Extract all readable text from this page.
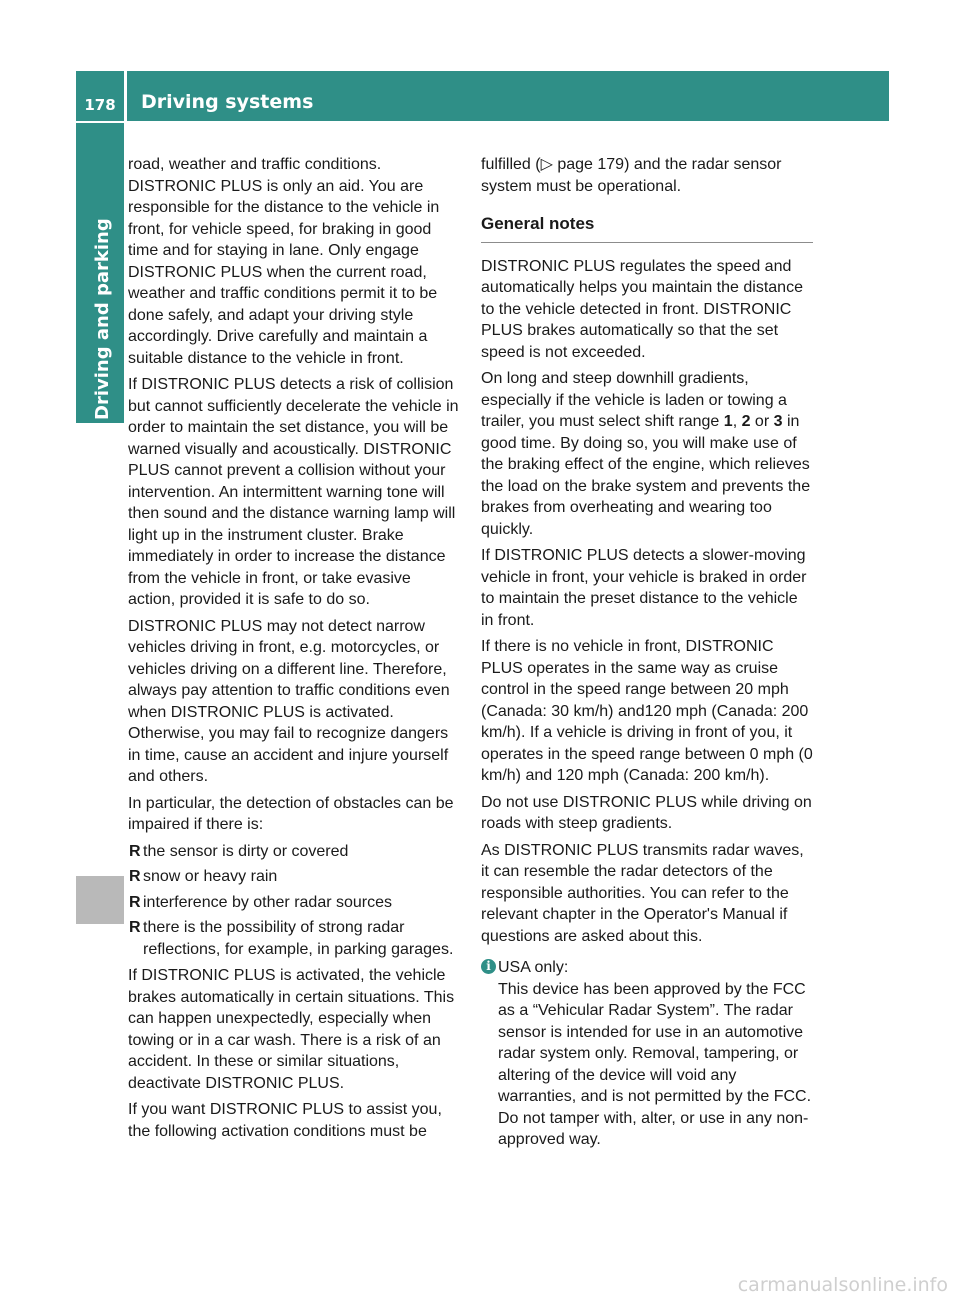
178	Driving systems
Driving and parking

road, weather and traffic conditions. DISTRONIC PLUS is only an aid. You are responsible for the distance to the vehicle in front, for vehicle speed, for braking in good time and for staying in lane. Only engage DISTRONIC PLUS when the current road, weather and traffic conditions permit it to be done safely, and adapt your driving style accordingly. Drive carefully and maintain a suitable distance to the vehicle in front.

If DISTRONIC PLUS detects a risk of collision but cannot sufficiently decelerate the vehicle in order to maintain the set distance, you will be warned visually and acoustically. DISTRONIC PLUS cannot prevent a collision without your intervention. An intermittent warning tone will then sound and the distance warning lamp will light up in the instrument cluster. Brake immediately in order to increase the distance from the vehicle in front, or take evasive action, provided it is safe to do so.

DISTRONIC PLUS may not detect narrow vehicles driving in front, e.g. motorcycles, or vehicles driving on a different line. Therefore, always pay attention to traffic conditions even when DISTRONIC PLUS is activated. Otherwise, you may fail to recognize dangers in time, cause an accident and injure yourself and others.

In particular, the detection of obstacles can be impaired if there is:

R the sensor is dirty or covered
R snow or heavy rain
R interference by other radar sources
R there is the possibility of strong radar reflections, for example, in parking garages.

If DISTRONIC PLUS is activated, the vehicle brakes automatically in certain situations. This can happen unexpectedly, especially when towing or in a car wash. There is a risk of an accident. In these or similar situations, deactivate DISTRONIC PLUS.

If you want DISTRONIC PLUS to assist you, the following activation conditions must be

fulfilled (▷ page 179) and the radar sensor system must be operational.

General notes

DISTRONIC PLUS regulates the speed and automatically helps you maintain the distance to the vehicle detected in front. DISTRONIC PLUS brakes automatically so that the set speed is not exceeded.

On long and steep downhill gradients, especially if the vehicle is laden or towing a trailer, you must select shift range 1, 2 or 3 in good time. By doing so, you will make use of the braking effect of the engine, which relieves the load on the brake system and prevents the brakes from overheating and wearing too quickly.

If DISTRONIC PLUS detects a slower-moving vehicle in front, your vehicle is braked in order to maintain the preset distance to the vehicle in front.

If there is no vehicle in front, DISTRONIC PLUS operates in the same way as cruise control in the speed range between 20 mph (Canada: 30 km/h) and120 mph (Canada: 200 km/h). If a vehicle is driving in front of you, it operates in the speed range between 0 mph (0 km/h) and 120 mph (Canada: 200 km/h).

Do not use DISTRONIC PLUS while driving on roads with steep gradients.

As DISTRONIC PLUS transmits radar waves, it can resemble the radar detectors of the responsible authorities. You can refer to the relevant chapter in the Operator's Manual if questions are asked about this.

i USA only:
This device has been approved by the FCC as a “Vehicular Radar System”. The radar sensor is intended for use in an automotive radar system only. Removal, tampering, or altering of the device will void any warranties, and is not permitted by the FCC. Do not tamper with, alter, or use in any non-approved way.
carmanualsonline.info
